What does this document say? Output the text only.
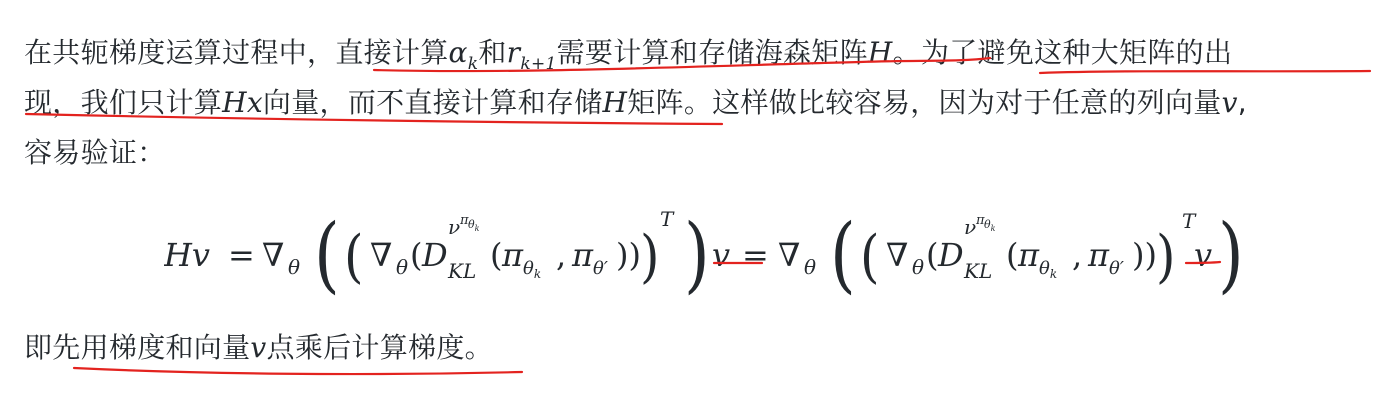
在共轭梯度运算过程中，直接计算$\alpha_k$和$r_{k+1}$需要计算和存储海森矩阵H。为了避免这种大矩阵的出
现，我们只计算Hx向量，而不直接计算和存储H矩阵。这样做比较容易，因为对于任意的列向量v,
容易验证：
Hv = ∇ θ ( ( ∇ θ ( D KL
ν π $\theta_k$
( $\pi_\theta k$ , $\pi_{\theta'}$ )) )
T ) v = ∇ θ ( ( ∇ θ ( D KL
ν π $\theta_k$
( $\pi_\theta k$ , $\pi_{\theta'}$ )) )
T
v )
即先用梯度和向量v点乘后计算梯度。
